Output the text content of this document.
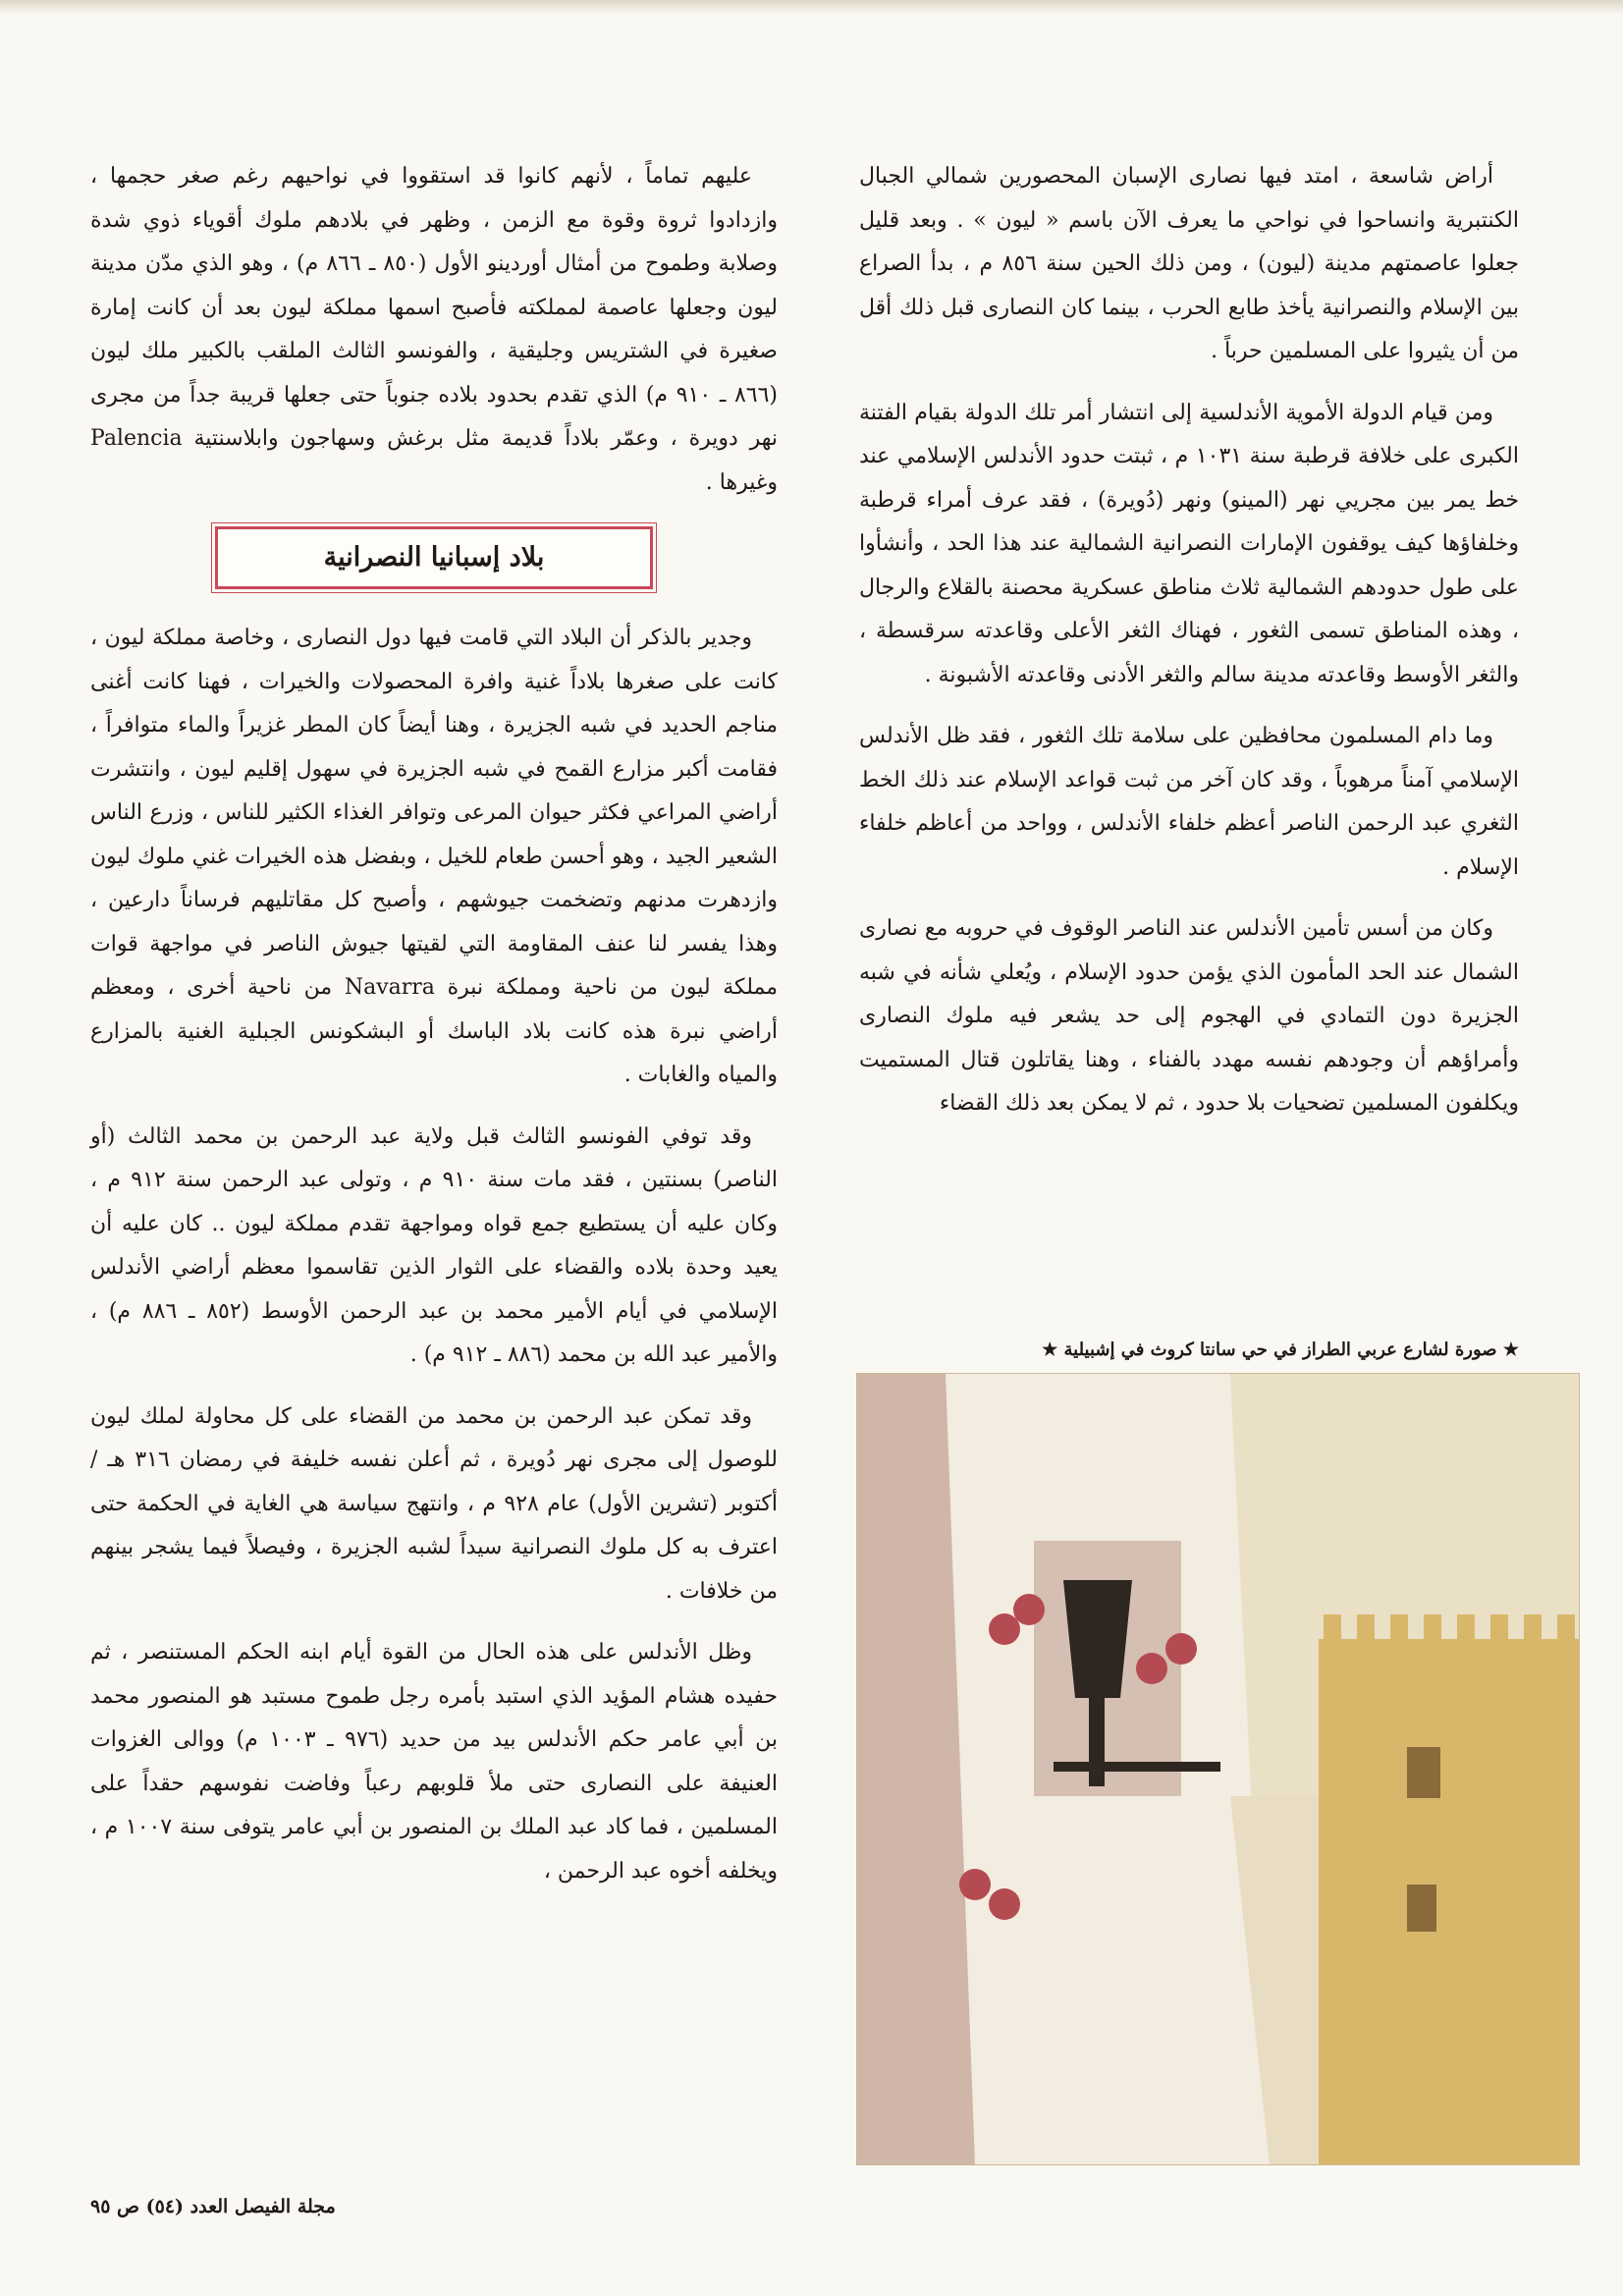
أراض شاسعة ، امتد فيها نصارى الإسبان المحصورين شمالي الجبال الكنتبرية وانساحوا في نواحي ما يعرف الآن باسم « ليون » . وبعد قليل جعلوا عاصمتهم مدينة (ليون) ، ومن ذلك الحين سنة ٨٥٦ م ، بدأ الصراع بين الإسلام والنصرانية يأخذ طابع الحرب ، بينما كان النصارى قبل ذلك أقل من أن يثيروا على المسلمين حرباً .

ومن قيام الدولة الأموية الأندلسية إلى انتشار أمر تلك الدولة بقيام الفتنة الكبرى على خلافة قرطبة سنة ١٠٣١ م ، ثبتت حدود الأندلس الإسلامي عند خط يمر بين مجريي نهر (المينو) ونهر (دُويرة) ، فقد عرف أمراء قرطبة وخلفاؤها كيف يوقفون الإمارات النصرانية الشمالية عند هذا الحد ، وأنشأوا على طول حدودهم الشمالية ثلاث مناطق عسكرية محصنة بالقلاع والرجال ، وهذه المناطق تسمى الثغور ، فهناك الثغر الأعلى وقاعدته سرقسطة ، والثغر الأوسط وقاعدته مدينة سالم والثغر الأدنى وقاعدته الأشبونة .

وما دام المسلمون محافظين على سلامة تلك الثغور ، فقد ظل الأندلس الإسلامي آمناً مرهوباً ، وقد كان آخر من ثبت قواعد الإسلام عند ذلك الخط الثغري عبد الرحمن الناصر أعظم خلفاء الأندلس ، وواحد من أعاظم خلفاء الإسلام .

وكان من أسس تأمين الأندلس عند الناصر الوقوف في حروبه مع نصارى الشمال عند الحد المأمون الذي يؤمن حدود الإسلام ، ويُعلي شأنه في شبه الجزيرة دون التمادي في الهجوم إلى حد يشعر فيه ملوك النصارى وأمراؤهم أن وجودهم نفسه مهدد بالفناء ، وهنا يقاتلون قتال المستميت ويكلفون المسلمين تضحيات بلا حدود ، ثم لا يمكن بعد ذلك القضاء

عليهم تماماً ، لأنهم كانوا قد استقووا في نواحيهم رغم صغر حجمها ، وازدادوا ثروة وقوة مع الزمن ، وظهر في بلادهم ملوك أقوياء ذوي شدة وصلابة وطموح من أمثال أوردينو الأول (٨٥٠ ـ ٨٦٦ م) ، وهو الذي مدّن مدينة ليون وجعلها عاصمة لمملكته فأصبح اسمها مملكة ليون بعد أن كانت إمارة صغيرة في الشتريس وجليقية ، والفونسو الثالث الملقب بالكبير ملك ليون (٨٦٦ ـ ٩١٠ م) الذي تقدم بحدود بلاده جنوباً حتى جعلها قريبة جداً من مجرى نهر دويرة ، وعمّر بلاداً قديمة مثل برغش وسهاجون وابلاسنتية Palencia وغيرها .

بلاد إسبانيا النصرانية

وجدير بالذكر أن البلاد التي قامت فيها دول النصارى ، وخاصة مملكة ليون ، كانت على صغرها بلاداً غنية وافرة المحصولات والخيرات ، فهنا كانت أغنى مناجم الحديد في شبه الجزيرة ، وهنا أيضاً كان المطر غزيراً والماء متوافراً ، فقامت أكبر مزارع القمح في شبه الجزيرة في سهول إقليم ليون ، وانتشرت أراضي المراعي فكثر حيوان المرعى وتوافر الغذاء الكثير للناس ، وزرع الناس الشعير الجيد ، وهو أحسن طعام للخيل ، وبفضل هذه الخيرات غني ملوك ليون وازدهرت مدنهم وتضخمت جيوشهم ، وأصبح كل مقاتليهم فرساناً دارعين ، وهذا يفسر لنا عنف المقاومة التي لقيتها جيوش الناصر في مواجهة قوات مملكة ليون من ناحية ومملكة نبرة Navarra من ناحية أخرى ، ومعظم أراضي نبرة هذه كانت بلاد الباسك أو البشكونس الجبلية الغنية بالمزارع والمياه والغابات .

وقد توفي الفونسو الثالث قبل ولاية عبد الرحمن بن محمد الثالث (أو الناصر) بسنتين ، فقد مات سنة ٩١٠ م ، وتولى عبد الرحمن سنة ٩١٢ م ، وكان عليه أن يستطيع جمع قواه ومواجهة تقدم مملكة ليون .. كان عليه أن يعيد وحدة بلاده والقضاء على الثوار الذين تقاسموا معظم أراضي الأندلس الإسلامي في أيام الأمير محمد بن عبد الرحمن الأوسط (٨٥٢ ـ ٨٨٦ م) ، والأمير عبد الله بن محمد (٨٨٦ ـ ٩١٢ م) .

وقد تمكن عبد الرحمن بن محمد من القضاء على كل محاولة لملك ليون للوصول إلى مجرى نهر دُويرة ، ثم أعلن نفسه خليفة في رمضان ٣١٦ هـ / أكتوبر (تشرين الأول) عام ٩٢٨ م ، وانتهج سياسة هي الغاية في الحكمة حتى اعترف به كل ملوك النصرانية سيداً لشبه الجزيرة ، وفيصلاً فيما يشجر بينهم من خلافات .

وظل الأندلس على هذه الحال من القوة أيام ابنه الحكم المستنصر ، ثم حفيده هشام المؤيد الذي استبد بأمره رجل طموح مستبد هو المنصور محمد بن أبي عامر حكم الأندلس بيد من حديد (٩٧٦ ـ ١٠٠٣ م) ووالى الغزوات العنيفة على النصارى حتى ملأ قلوبهم رعباً وفاضت نفوسهم حقداً على المسلمين ، فما كاد عبد الملك بن المنصور بن أبي عامر يتوفى سنة ١٠٠٧ م ، ويخلفه أخوه عبد الرحمن ،

★ صورة لشارع عربي الطراز في حي سانتا كروث في إشبيلية ★
مجلة الفيصل العدد (٥٤) ص ٩٥
